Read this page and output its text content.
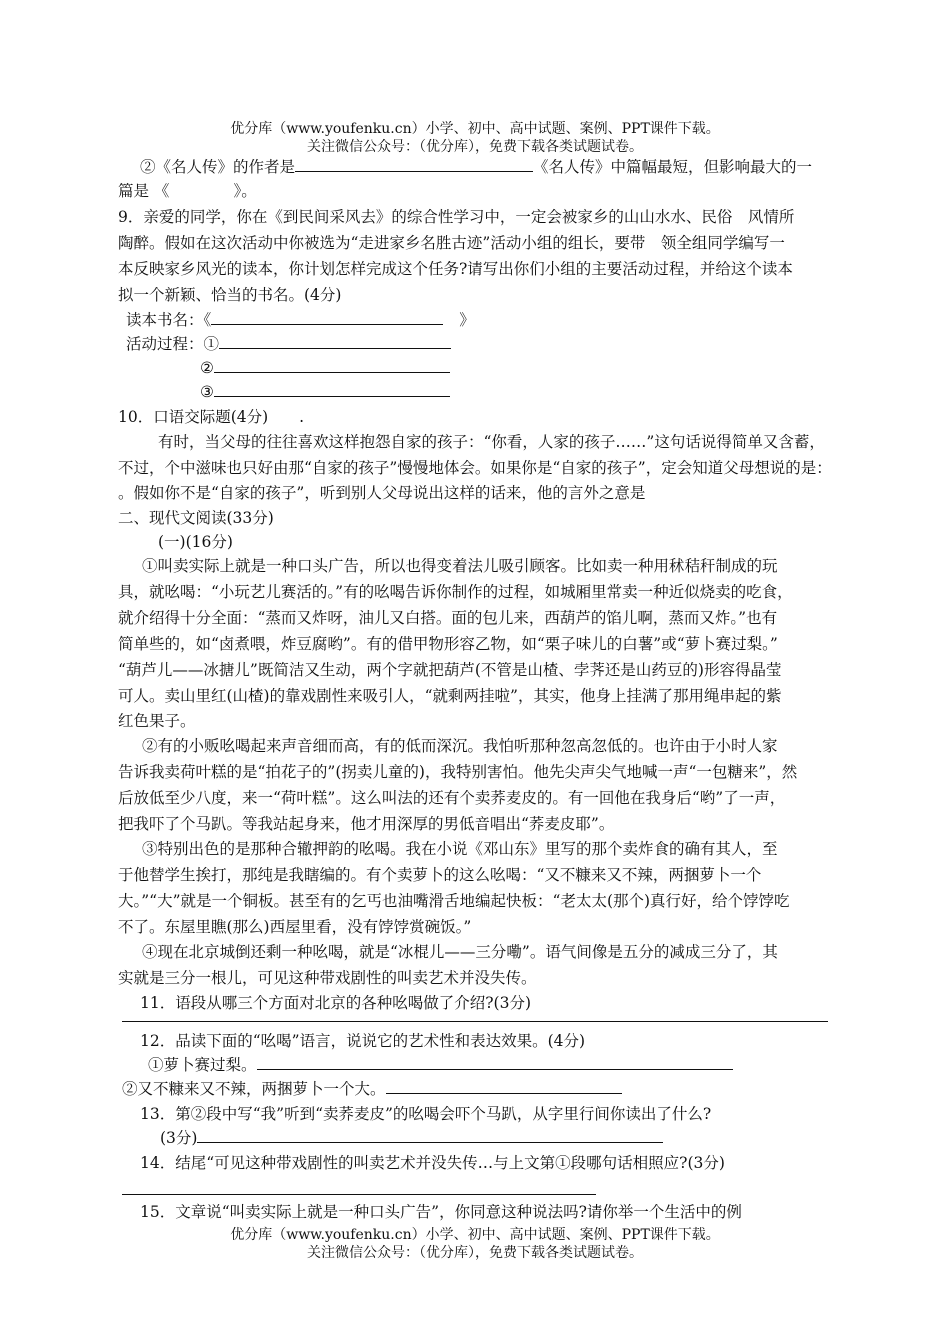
优分库（www.youfenku.cn）小学、初中、高中试题、案例、PPT课件下载。
关注微信公众号：（优分库），免费下载各类试题试卷。
②《名人传》的作者是	《名人传》中篇幅最短，但影响最大的一
篇是 《	》。
9．亲爱的同学，你在《到民间采风去》的综合性学习中，一定会被家乡的山山水水、民俗　风情所
陶醉。假如在这次活动中你被选为“走进家乡名胜古迹”活动小组的组长，要带　领全组同学编写一
本反映家乡风光的读本，你计划怎样完成这个任务?请写出你们小组的主要活动过程，并给这个读本
拟一个新颖、恰当的书名。(4分)
读本书名：《	》
活动过程：①
②
③
10．口语交际题(4分)　　.
有时，当父母的往往喜欢这样抱怨自家的孩子：“你看，人家的孩子……”这句话说得简单又含蓄，
不过，个中滋味也只好由那“自家的孩子”慢慢地体会。如果你是“自家的孩子”，定会知道父母想说的是：
。假如你不是“自家的孩子”，听到别人父母说出这样的话来，他的言外之意是
二、现代文阅读(33分)
(一)(16分)
①叫卖实际上就是一种口头广告，所以也得变着法儿吸引顾客。比如卖一种用秫秸秆制成的玩
具，就吆喝：“小玩艺儿赛活的。”有的吆喝告诉你制作的过程，如城厢里常卖一种近似烧卖的吃食，
就介绍得十分全面：“蒸而又炸呀，油儿又白搭。面的包儿来，西葫芦的馅儿啊，蒸而又炸。”也有
简单些的，如“卤煮喂，炸豆腐哟”。有的借甲物形容乙物，如“栗子味儿的白薯”或“萝卜赛过梨。”
“葫芦儿——冰搪儿”既简洁又生动，两个字就把葫芦(不管是山楂、孛荠还是山药豆的)形容得晶莹
可人。卖山里红(山楂)的靠戏剧性来吸引人，“就剩两挂啦”，其实，他身上挂满了那用绳串起的紫
红色果子。
②有的小贩吆喝起来声音细而高，有的低而深沉。我怕听那种忽高忽低的。也许由于小时人家
告诉我卖荷叶糕的是“拍花子的”(拐卖儿童的)，我特别害怕。他先尖声尖气地喊一声“一包糖来”，然
后放低至少八度，来一“荷叶糕”。这么叫法的还有个卖荞麦皮的。有一回他在我身后“哟”了一声，
把我吓了个马趴。等我站起身来，他才用深厚的男低音唱出“荞麦皮耶”。
③特别出色的是那种合辙押韵的吆喝。我在小说《邓山东》里写的那个卖炸食的确有其人，至
于他替学生挨打，那纯是我瞎编的。有个卖萝卜的这么吆喝：“又不糠来又不辣，两捆萝卜一个
大。”“大”就是一个铜板。甚至有的乞丐也油嘴滑舌地编起快板：“老太太(那个)真行好，给个饽饽吃
不了。东屋里瞧(那么)西屋里看，没有饽饽赏碗饭。”
④现在北京城倒还剩一种吆喝，就是“冰棍儿——三分嘞”。语气间像是五分的减成三分了，其
实就是三分一根儿，可见这种带戏剧性的叫卖艺术并没失传。
11．语段从哪三个方面对北京的各种吆喝做了介绍?(3分)
12．品读下面的“吆喝”语言，说说它的艺术性和表达效果。(4分)
①萝卜赛过梨。
②又不糠来又不辣，两捆萝卜一个大。
13．第②段中写“我”听到“卖荞麦皮”的吆喝会吓个马趴，从字里行间你读出了什么?
(3分)
14．结尾“可见这种带戏剧性的叫卖艺术并没失传…与上文第①段哪句话相照应?(3分)
15．文章说“叫卖实际上就是一种口头广告”，你同意这种说法吗?请你举一个生活中的例
优分库（www.youfenku.cn）小学、初中、高中试题、案例、PPT课件下载。
关注微信公众号：（优分库），免费下载各类试题试卷。
